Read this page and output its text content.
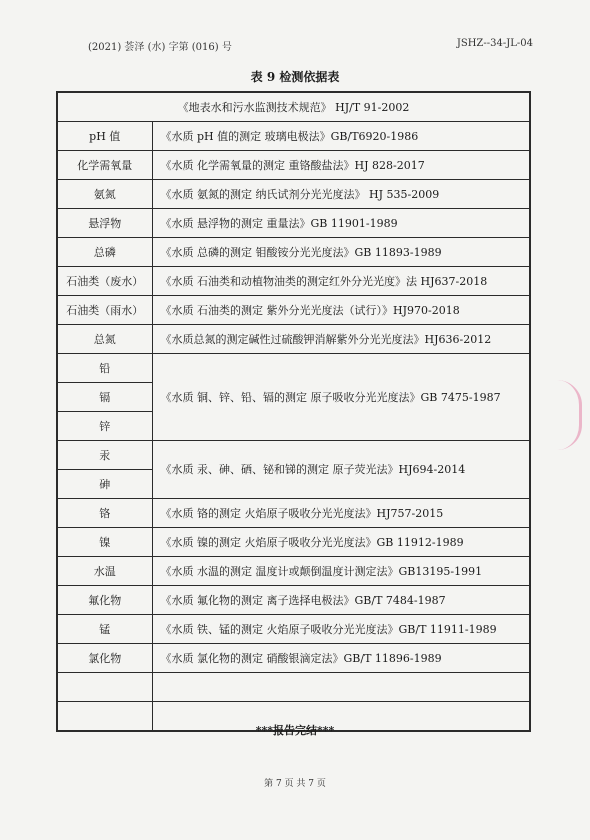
(2021) 荟泽 (水) 字第 (016) 号	JSHZ--34-JL-04
表 9 检测依据表
《地表水和污水监测技术规范》 HJ/T 91-2002	
pH 值	《水质 pH 值的测定 玻璃电极法》GB/T6920-1986
化学需氧量	《水质 化学需氧量的测定 重铬酸盐法》HJ 828-2017
氨氮	《水质 氨氮的测定 纳氏试剂分光光度法》 HJ 535-2009
悬浮物	《水质 悬浮物的测定 重量法》GB 11901-1989
总磷	《水质 总磷的测定 钼酸铵分光光度法》GB 11893-1989
石油类（废水）	《水质 石油类和动植物油类的测定红外分光光度》法 HJ637-2018
石油类（雨水）	《水质 石油类的测定 紫外分光光度法（试行）》HJ970-2018
总氮	《水质总氮的测定碱性过硫酸钾消解紫外分光光度法》HJ636-2012
铅	《水质 铜、锌、铅、镉的测定 原子吸收分光光度法》GB 7475-1987
镉	
锌	
汞	《水质 汞、砷、硒、铋和锑的测定 原子荧光法》HJ694-2014
砷	
铬	《水质 铬的测定 火焰原子吸收分光光度法》HJ757-2015
镍	《水质 镍的测定 火焰原子吸收分光光度法》GB 11912-1989
水温	《水质 水温的测定 温度计或颠倒温度计测定法》GB13195-1991
氟化物	《水质 氟化物的测定 离子选择电极法》GB/T 7484-1987
锰	《水质 铁、锰的测定 火焰原子吸收分光光度法》GB/T 11911-1989
氯化物	《水质 氯化物的测定 硝酸银滴定法》GB/T 11896-1989

***报告完结***
第 7 页 共 7 页
